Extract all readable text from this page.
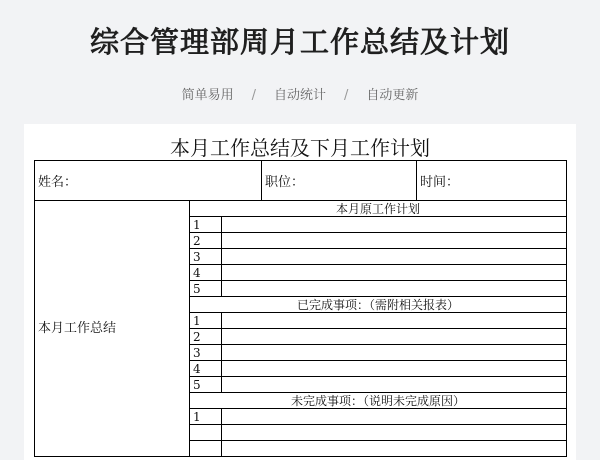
综合管理部周月工作总结及计划
简单易用 / 自动统计 / 自动更新
本月工作总结及下月工作计划
姓名：			职位：	时间：
本月工作总结	本月原工作计划			
	1			
	2			
	3			
	4			
	5			
	已完成事项：（需附相关报表）			
	1			
	2			
	3			
	4			
	5			
	未完成事项：（说明未完成原因）			
	1			
